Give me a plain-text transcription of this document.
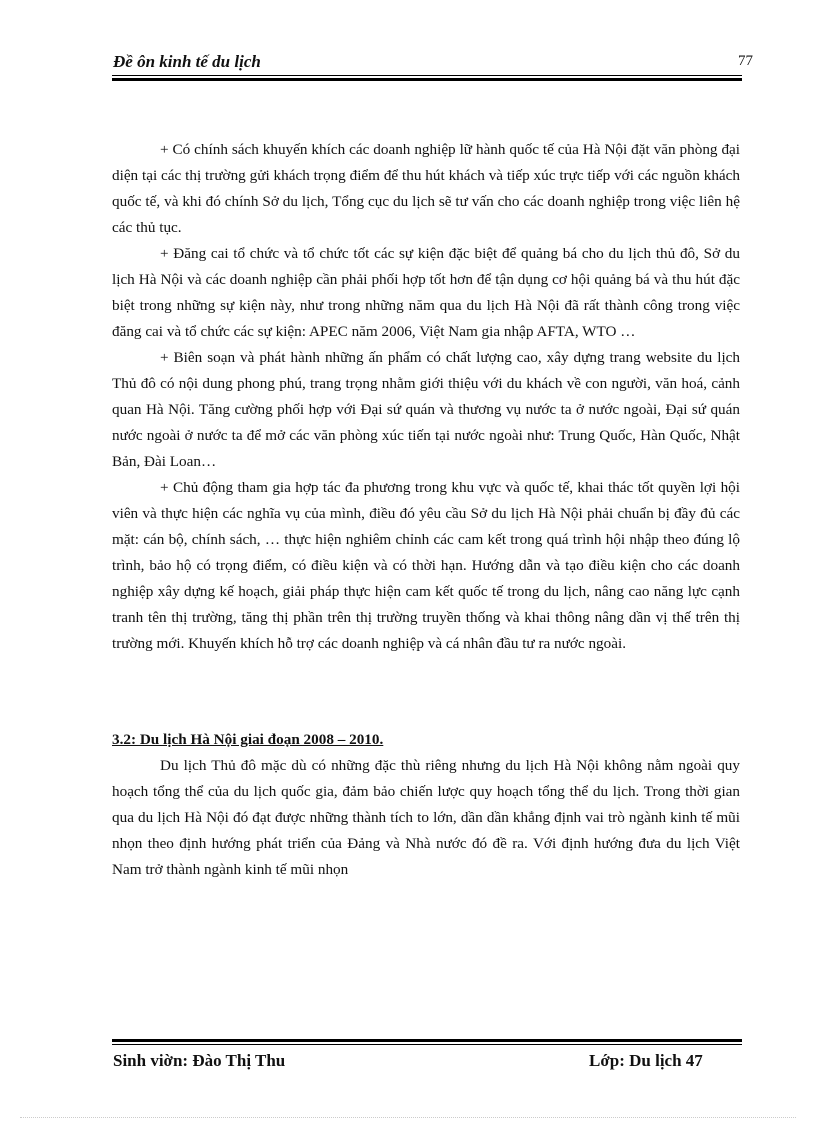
Đề ôn kinh tế du lịch	77

+ Có chính sách khuyến khích các doanh nghiệp lữ hành quốc tế của Hà Nội đặt văn phòng đại diện tại các thị trường gửi khách trọng điểm để thu hút khách và tiếp xúc trực tiếp với các nguồn khách quốc tế, và khi đó chính Sở du lịch, Tổng cục du lịch sẽ tư vấn cho các doanh nghiệp trong việc liên hệ các thủ tục.

+ Đăng cai tổ chức và tổ chức tốt các sự kiện đặc biệt để quảng bá cho du lịch thủ đô, Sở du lịch Hà Nội và các doanh nghiệp cần phải phối hợp tốt hơn để tận dụng cơ hội quảng bá và thu hút đặc biệt trong những sự kiện này, như trong những năm qua du lịch Hà Nội đã rất thành công trong việc đăng cai và tổ chức các sự kiện: APEC năm 2006, Việt Nam gia nhập AFTA, WTO …

+ Biên soạn và phát hành những ấn phẩm có chất lượng cao, xây dựng trang website du lịch Thủ đô có nội dung phong phú, trang trọng nhằm giới thiệu với du khách về con người, văn hoá, cảnh quan Hà Nội. Tăng cường phối hợp với Đại sứ quán và thương vụ nước ta ở nước ngoài, Đại sứ quán nước ngoài ở nước ta để mở các văn phòng xúc tiến tại nước ngoài như: Trung Quốc, Hàn Quốc, Nhật Bản, Đài Loan…

+ Chủ động tham gia hợp tác đa phương trong khu vực và quốc tế, khai thác tốt quyền lợi hội viên và thực hiện các nghĩa vụ của mình, điều đó yêu cầu Sở du lịch Hà Nội phải chuẩn bị đầy đủ các mặt: cán bộ, chính sách, … thực hiện nghiêm chỉnh các cam kết trong quá trình hội nhập theo đúng lộ trình, bảo hộ có trọng điểm, có điều kiện và có thời hạn. Hướng dẫn và tạo điều kiện cho các doanh nghiệp xây dựng kế hoạch, giải pháp thực hiện cam kết quốc tế trong du lịch, nâng cao năng lực cạnh tranh tên thị trường, tăng thị phần trên thị trường truyền thống và khai thông nâng dần vị thế trên thị trường mới. Khuyến khích hỗ trợ các doanh nghiệp và cá nhân đầu tư ra nước ngoài.

3.2: Du lịch Hà Nội giai đoạn 2008 – 2010.

Du lịch Thủ đô mặc dù có những đặc thù riêng nhưng du lịch Hà Nội không nằm ngoài quy hoạch tổng thể của du lịch quốc gia, đảm bảo chiến lược quy hoạch tổng thể du lịch. Trong thời gian qua du lịch Hà Nội đó đạt được những thành tích to lớn, dần dần khẳng định vai trò ngành kinh tế mũi nhọn theo định hướng phát triển của Đảng và Nhà nước đó đề ra. Với định hướng đưa du lịch Việt Nam trở thành ngành kinh tế mũi nhọn

Sinh viờn: Đào Thị Thu	Lớp: Du lịch 47
